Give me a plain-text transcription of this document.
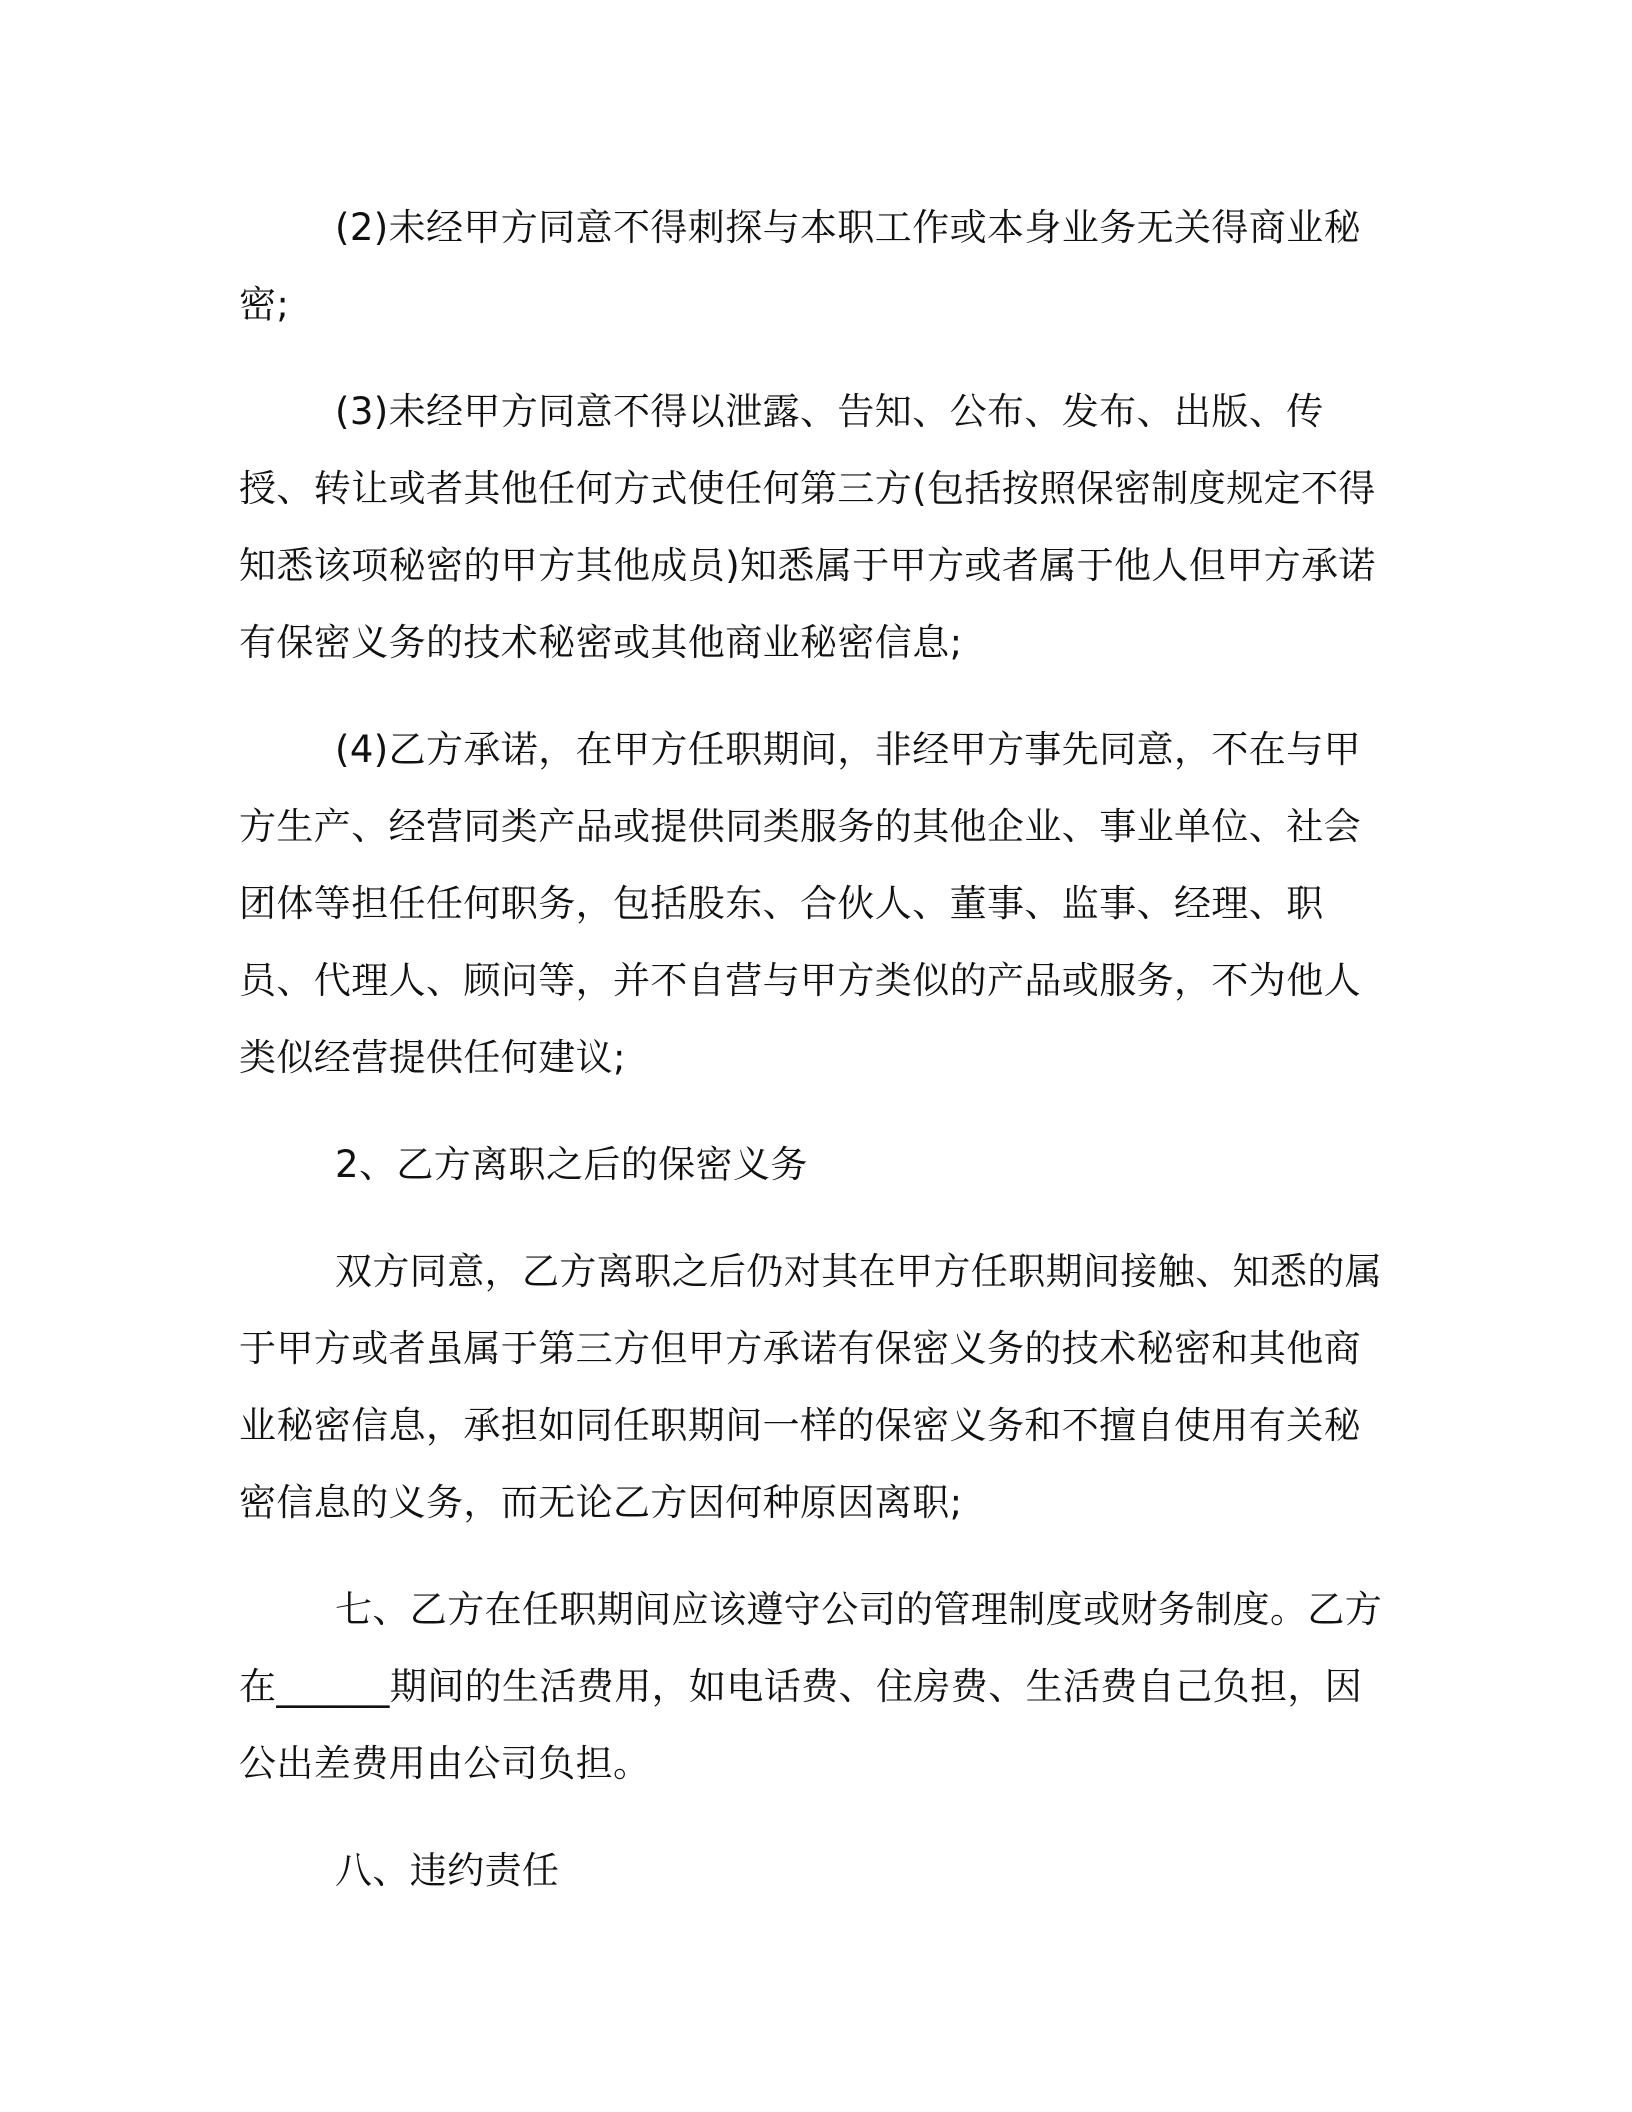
(2)未经甲方同意不得刺探与本职工作或本身业务无关得商业秘密;

(3)未经甲方同意不得以泄露、告知、公布、发布、出版、传授、转让或者其他任何方式使任何第三方(包括按照保密制度规定不得知悉该项秘密的甲方其他成员)知悉属于甲方或者属于他人但甲方承诺有保密义务的技术秘密或其他商业秘密信息;

(4)乙方承诺，在甲方任职期间，非经甲方事先同意，不在与甲方生产、经营同类产品或提供同类服务的其他企业、事业单位、社会团体等担任任何职务，包括股东、合伙人、董事、监事、经理、职员、代理人、顾问等，并不自营与甲方类似的产品或服务，不为他人类似经营提供任何建议;

2、乙方离职之后的保密义务

双方同意，乙方离职之后仍对其在甲方任职期间接触、知悉的属于甲方或者虽属于第三方但甲方承诺有保密义务的技术秘密和其他商业秘密信息，承担如同任职期间一样的保密义务和不擅自使用有关秘密信息的义务，而无论乙方因何种原因离职;

七、乙方在任职期间应该遵守公司的管理制度或财务制度。乙方在______期间的生活费用，如电话费、住房费、生活费自己负担，因公出差费用由公司负担。

八、违约责任
